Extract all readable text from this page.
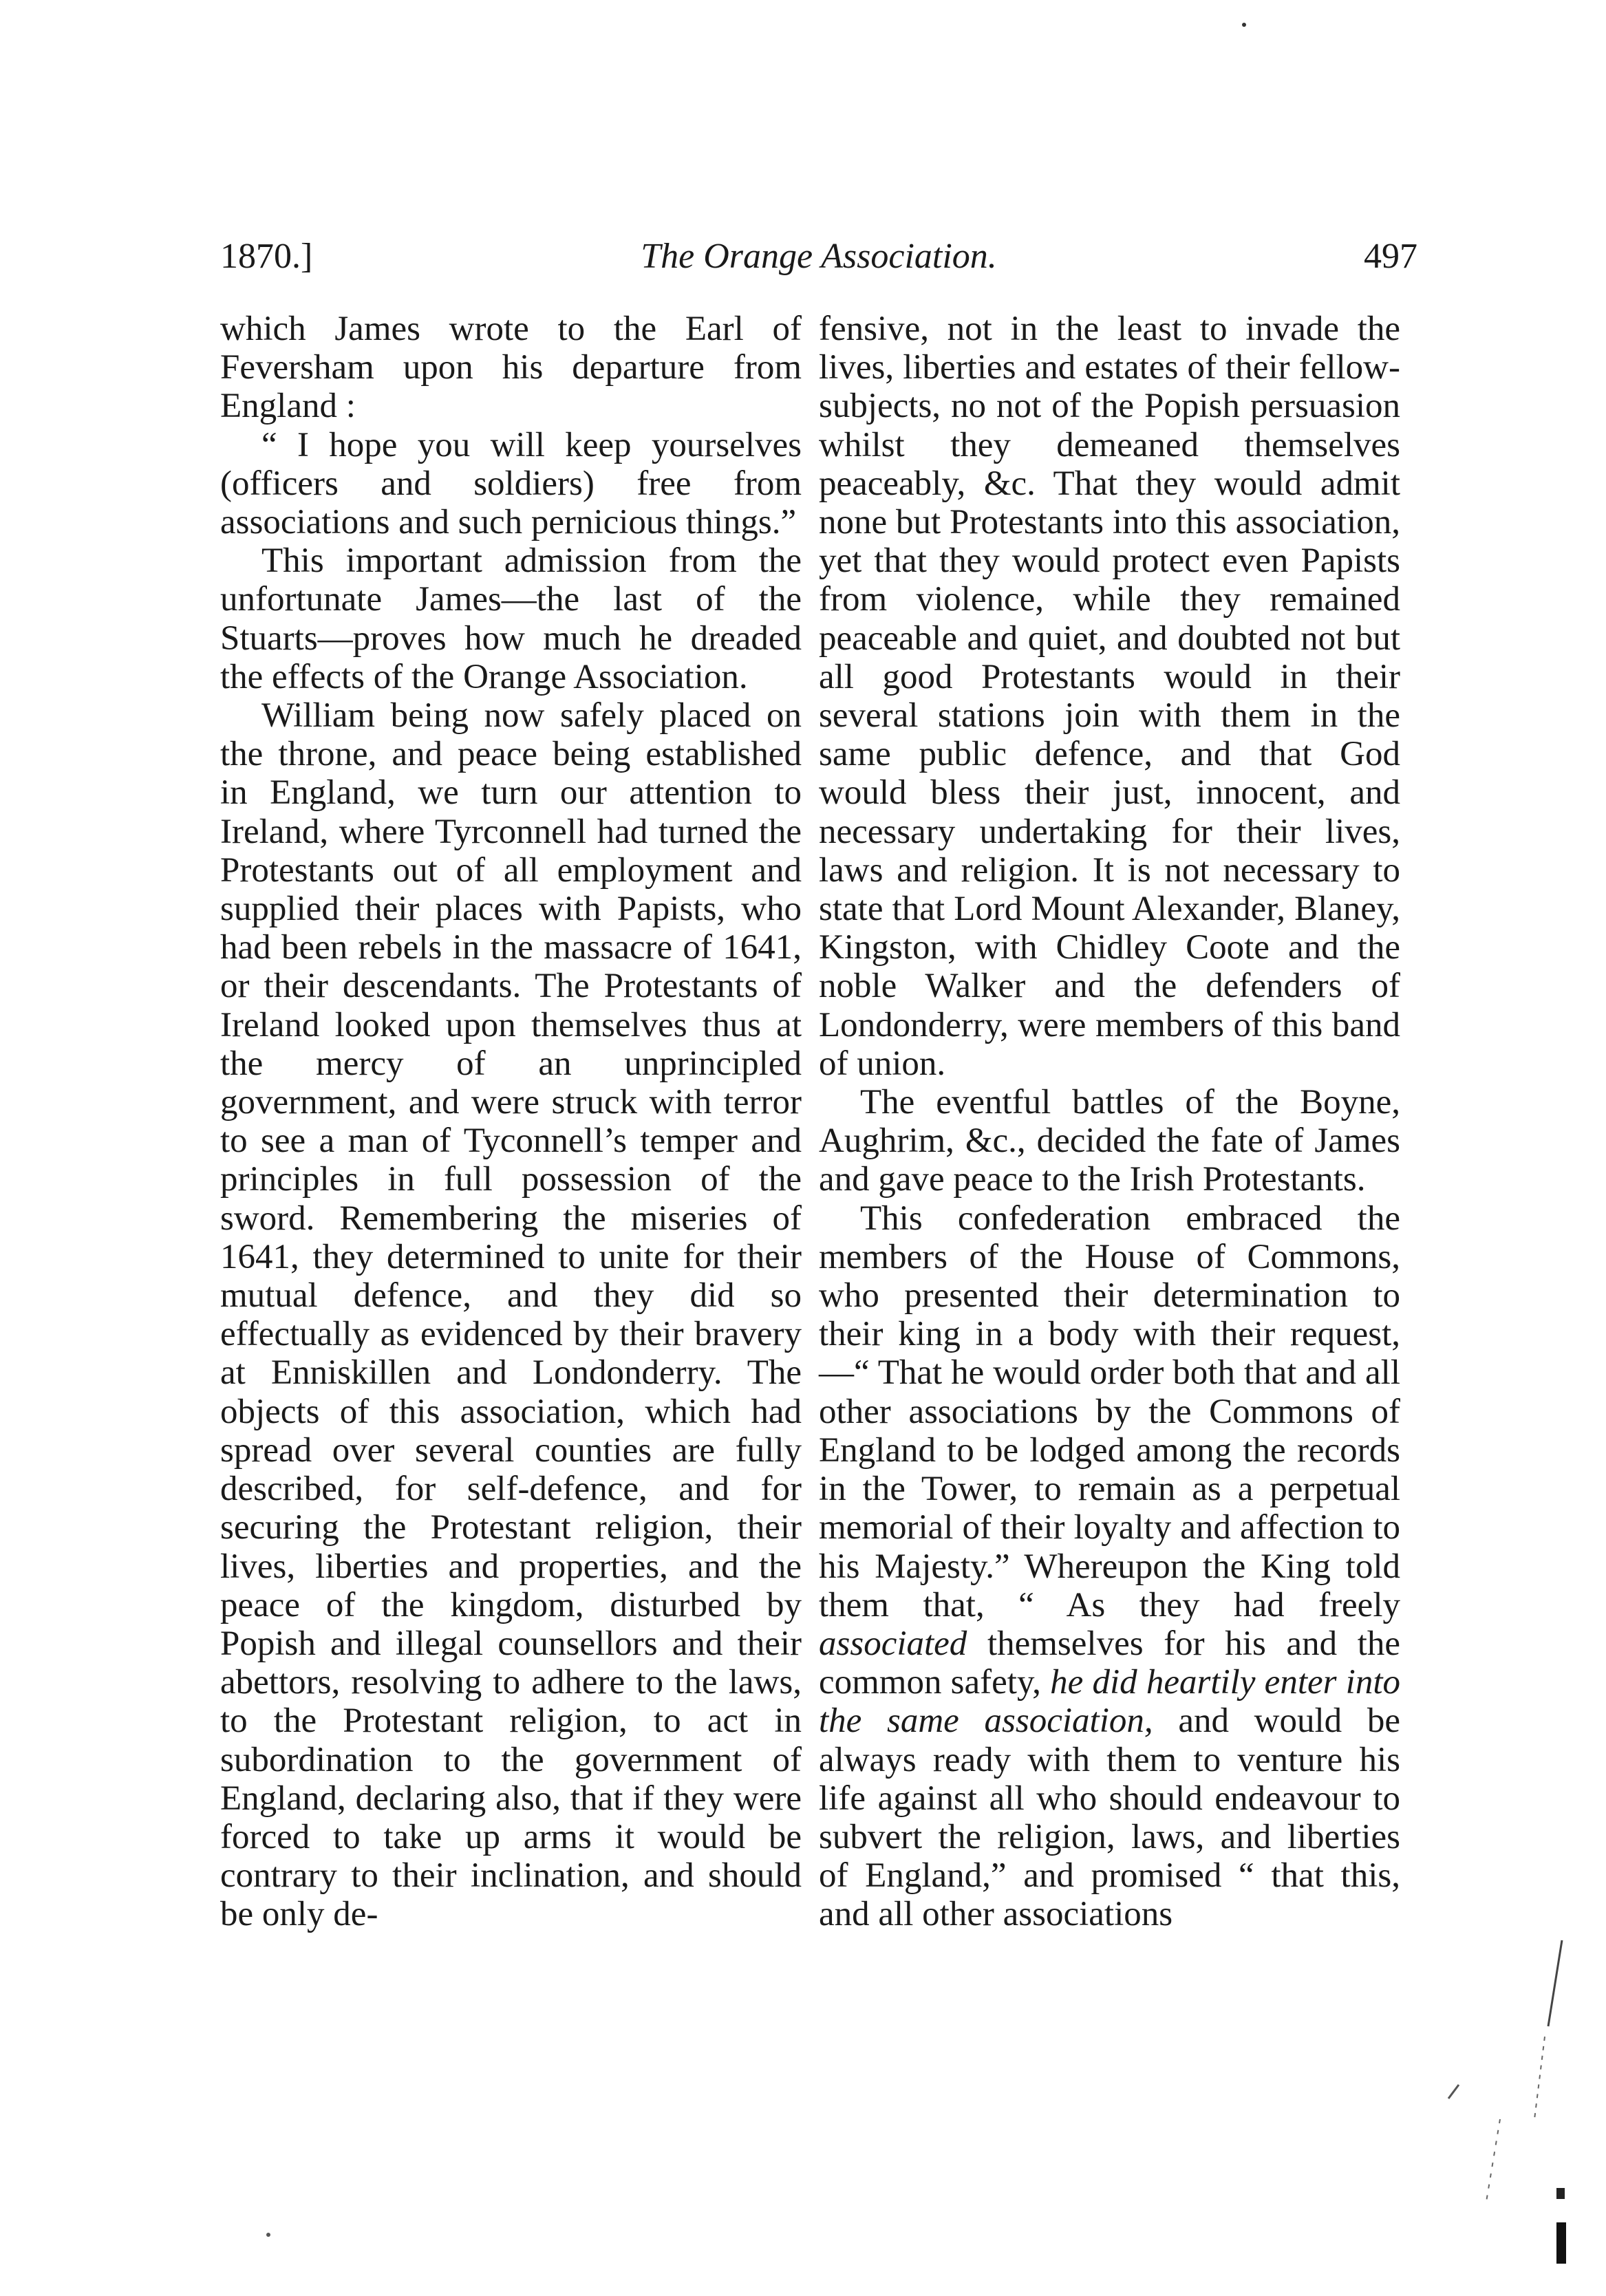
1870.]	The Orange Association.	497

which James wrote to the Earl of Feversham upon his departure from England :

“ I hope you will keep yourselves (officers and soldiers) free from associations and such pernicious things.”

This important admission from the unfortunate James—the last of the Stuarts—proves how much he dreaded the effects of the Orange Association.

William being now safely placed on the throne, and peace being established in England, we turn our attention to Ireland, where Tyrconnell had turned the Protestants out of all employment and supplied their places with Papists, who had been rebels in the massacre of 1641, or their descendants. The Protestants of Ireland looked upon themselves thus at the mercy of an unprincipled government, and were struck with terror to see a man of Tyconnell’s temper and principles in full possession of the sword. Remembering the miseries of 1641, they determined to unite for their mutual defence, and they did so effectually as evidenced by their bravery at Enniskillen and Londonderry. The objects of this association, which had spread over several counties are fully described, for self-defence, and for securing the Protestant religion, their lives, liberties and properties, and the peace of the kingdom, disturbed by Popish and illegal counsellors and their abettors, resolving to adhere to the laws, to the Protestant religion, to act in subordination to the government of England, declaring also, that if they were forced to take up arms it would be contrary to their inclination, and should be only de-

fensive, not in the least to invade the lives, liberties and estates of their fellow-subjects, no not of the Popish persuasion whilst they demeaned themselves peaceably, &c. That they would admit none but Protestants into this association, yet that they would protect even Papists from violence, while they remained peaceable and quiet, and doubted not but all good Protestants would in their several stations join with them in the same public defence, and that God would bless their just, innocent, and necessary undertaking for their lives, laws and religion. It is not necessary to state that Lord Mount Alexander, Blaney, Kingston, with Chidley Coote and the noble Walker and the defenders of Londonderry, were members of this band of union.

The eventful battles of the Boyne, Aughrim, &c., decided the fate of James and gave peace to the Irish Protestants.

This confederation embraced the members of the House of Commons, who presented their determination to their king in a body with their request,—“ That he would order both that and all other associations by the Commons of England to be lodged among the records in the Tower, to remain as a perpetual memorial of their loyalty and affection to his Majesty.” Whereupon the King told them that, “ As they had freely associated themselves for his and the common safety, he did heartily enter into the same association, and would be always ready with them to venture his life against all who should endeavour to subvert the religion, laws, and liberties of England,” and promised “ that this, and all other associations
